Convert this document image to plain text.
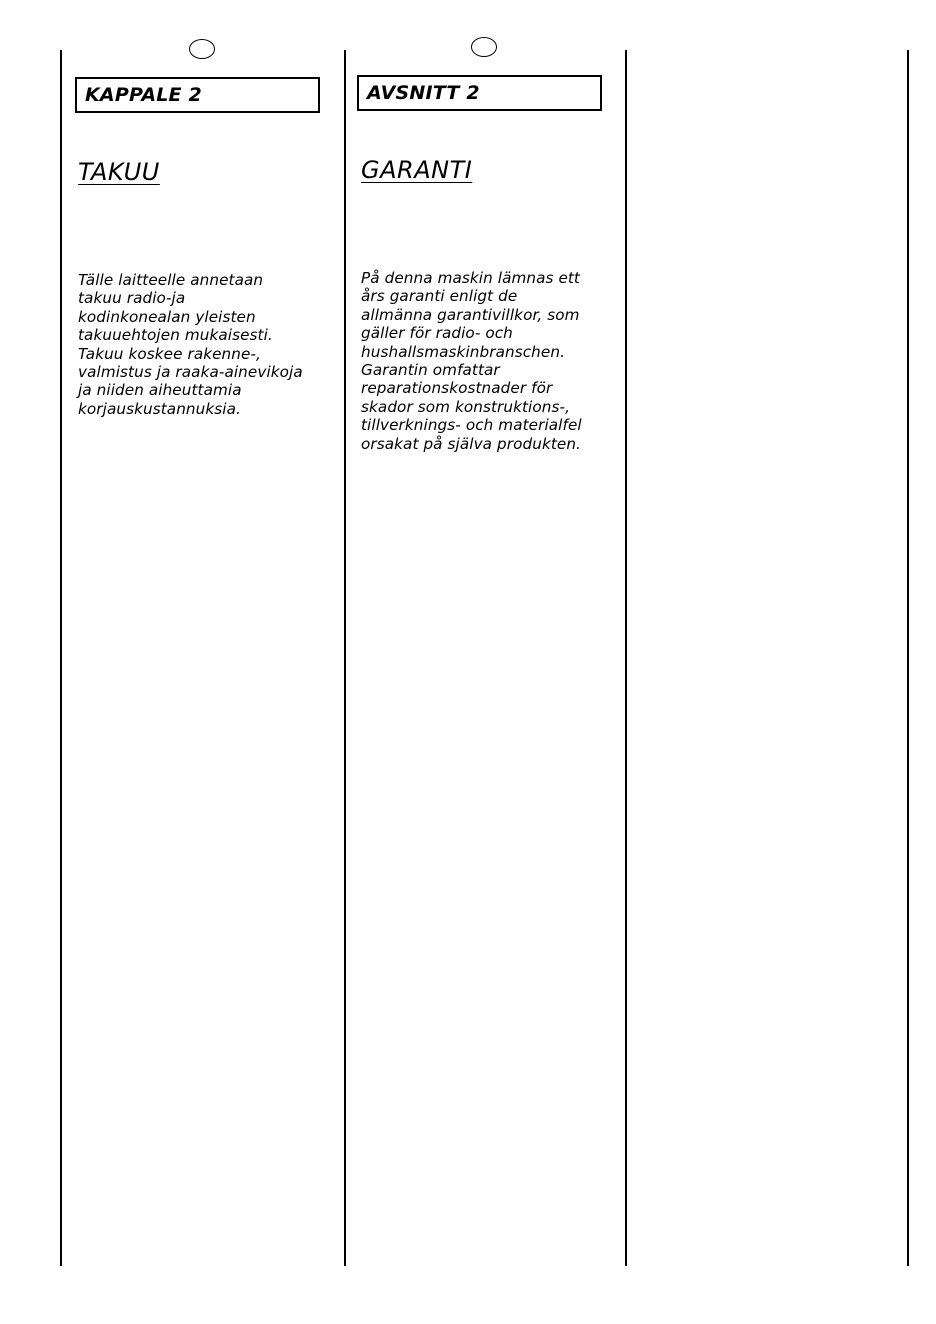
KAPPALE 2
TAKUU
Tälle laitteelle annetaan
takuu radio-ja
kodinkonealan yleisten
takuuehtojen mukaisesti.
Takuu koskee rakenne-,
valmistus ja raaka-ainevikoja
ja niiden aiheuttamia
korjauskustannuksia.
AVSNITT 2
GARANTI
På denna maskin lämnas ett
års garanti enligt de
allmänna garantivillkor, som
gäller för radio- och
hushallsmaskinbranschen.
Garantin omfattar
reparationskostnader för
skador som konstruktions-,
tillverknings- och materialfel
orsakat på själva produkten.
